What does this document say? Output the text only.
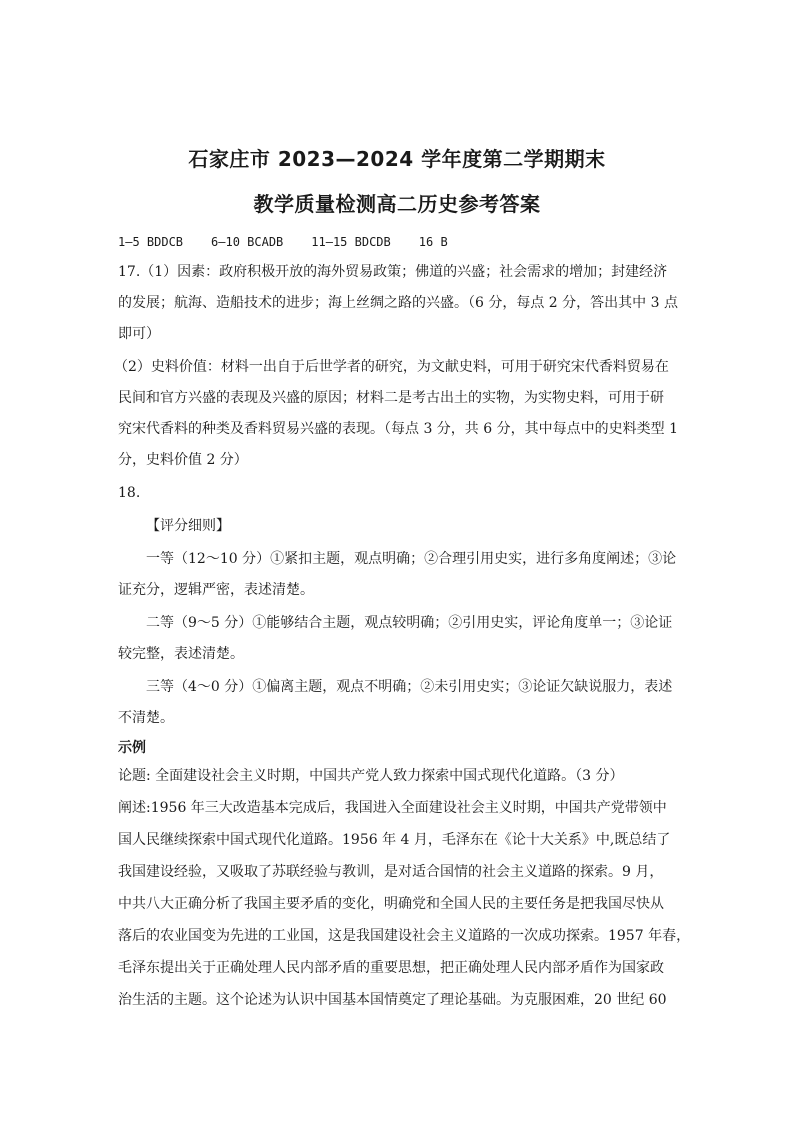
石家庄市 2023—2024 学年度第二学期期末
教学质量检测高二历史参考答案
1—5 BDDCB 6—10 BCADB 11—15 BDCDB 16 B
17.（1）因素：政府积极开放的海外贸易政策；佛道的兴盛；社会需求的增加；封建经济
的发展；航海、造船技术的进步；海上丝绸之路的兴盛。（6 分，每点 2 分，答出其中 3 点
即可）
（2）史料价值：材料一出自于后世学者的研究，为文献史料，可用于研究宋代香料贸易在
民间和官方兴盛的表现及兴盛的原因；材料二是考古出土的实物，为实物史料，可用于研
究宋代香料的种类及香料贸易兴盛的表现。（每点 3 分，共 6 分，其中每点中的史料类型 1
分，史料价值 2 分）
18.
【评分细则】
一等（12～10 分）①紧扣主题，观点明确；②合理引用史实，进行多角度阐述；③论
证充分，逻辑严密，表述清楚。
二等（9～5 分）①能够结合主题，观点较明确；②引用史实，评论角度单一；③论证
较完整，表述清楚。
三等（4～0 分）①偏离主题，观点不明确；②未引用史实；③论证欠缺说服力，表述
不清楚。
示例
论题: 全面建设社会主义时期，中国共产党人致力探索中国式现代化道路。（3 分）
阐述:1956 年三大改造基本完成后，我国进入全面建设社会主义时期，中国共产党带领中
国人民继续探索中国式现代化道路。1956 年 4 月，毛泽东在《论十大关系》中,既总结了
我国建设经验，又吸取了苏联经验与教训，是对适合国情的社会主义道路的探索。9 月，
中共八大正确分析了我国主要矛盾的变化，明确党和全国人民的主要任务是把我国尽快从
落后的农业国变为先进的工业国，这是我国建设社会主义道路的一次成功探索。1957 年春，
毛泽东提出关于正确处理人民内部矛盾的重要思想，把正确处理人民内部矛盾作为国家政
治生活的主题。这个论述为认识中国基本国情奠定了理论基础。为克服困难，20 世纪 60
